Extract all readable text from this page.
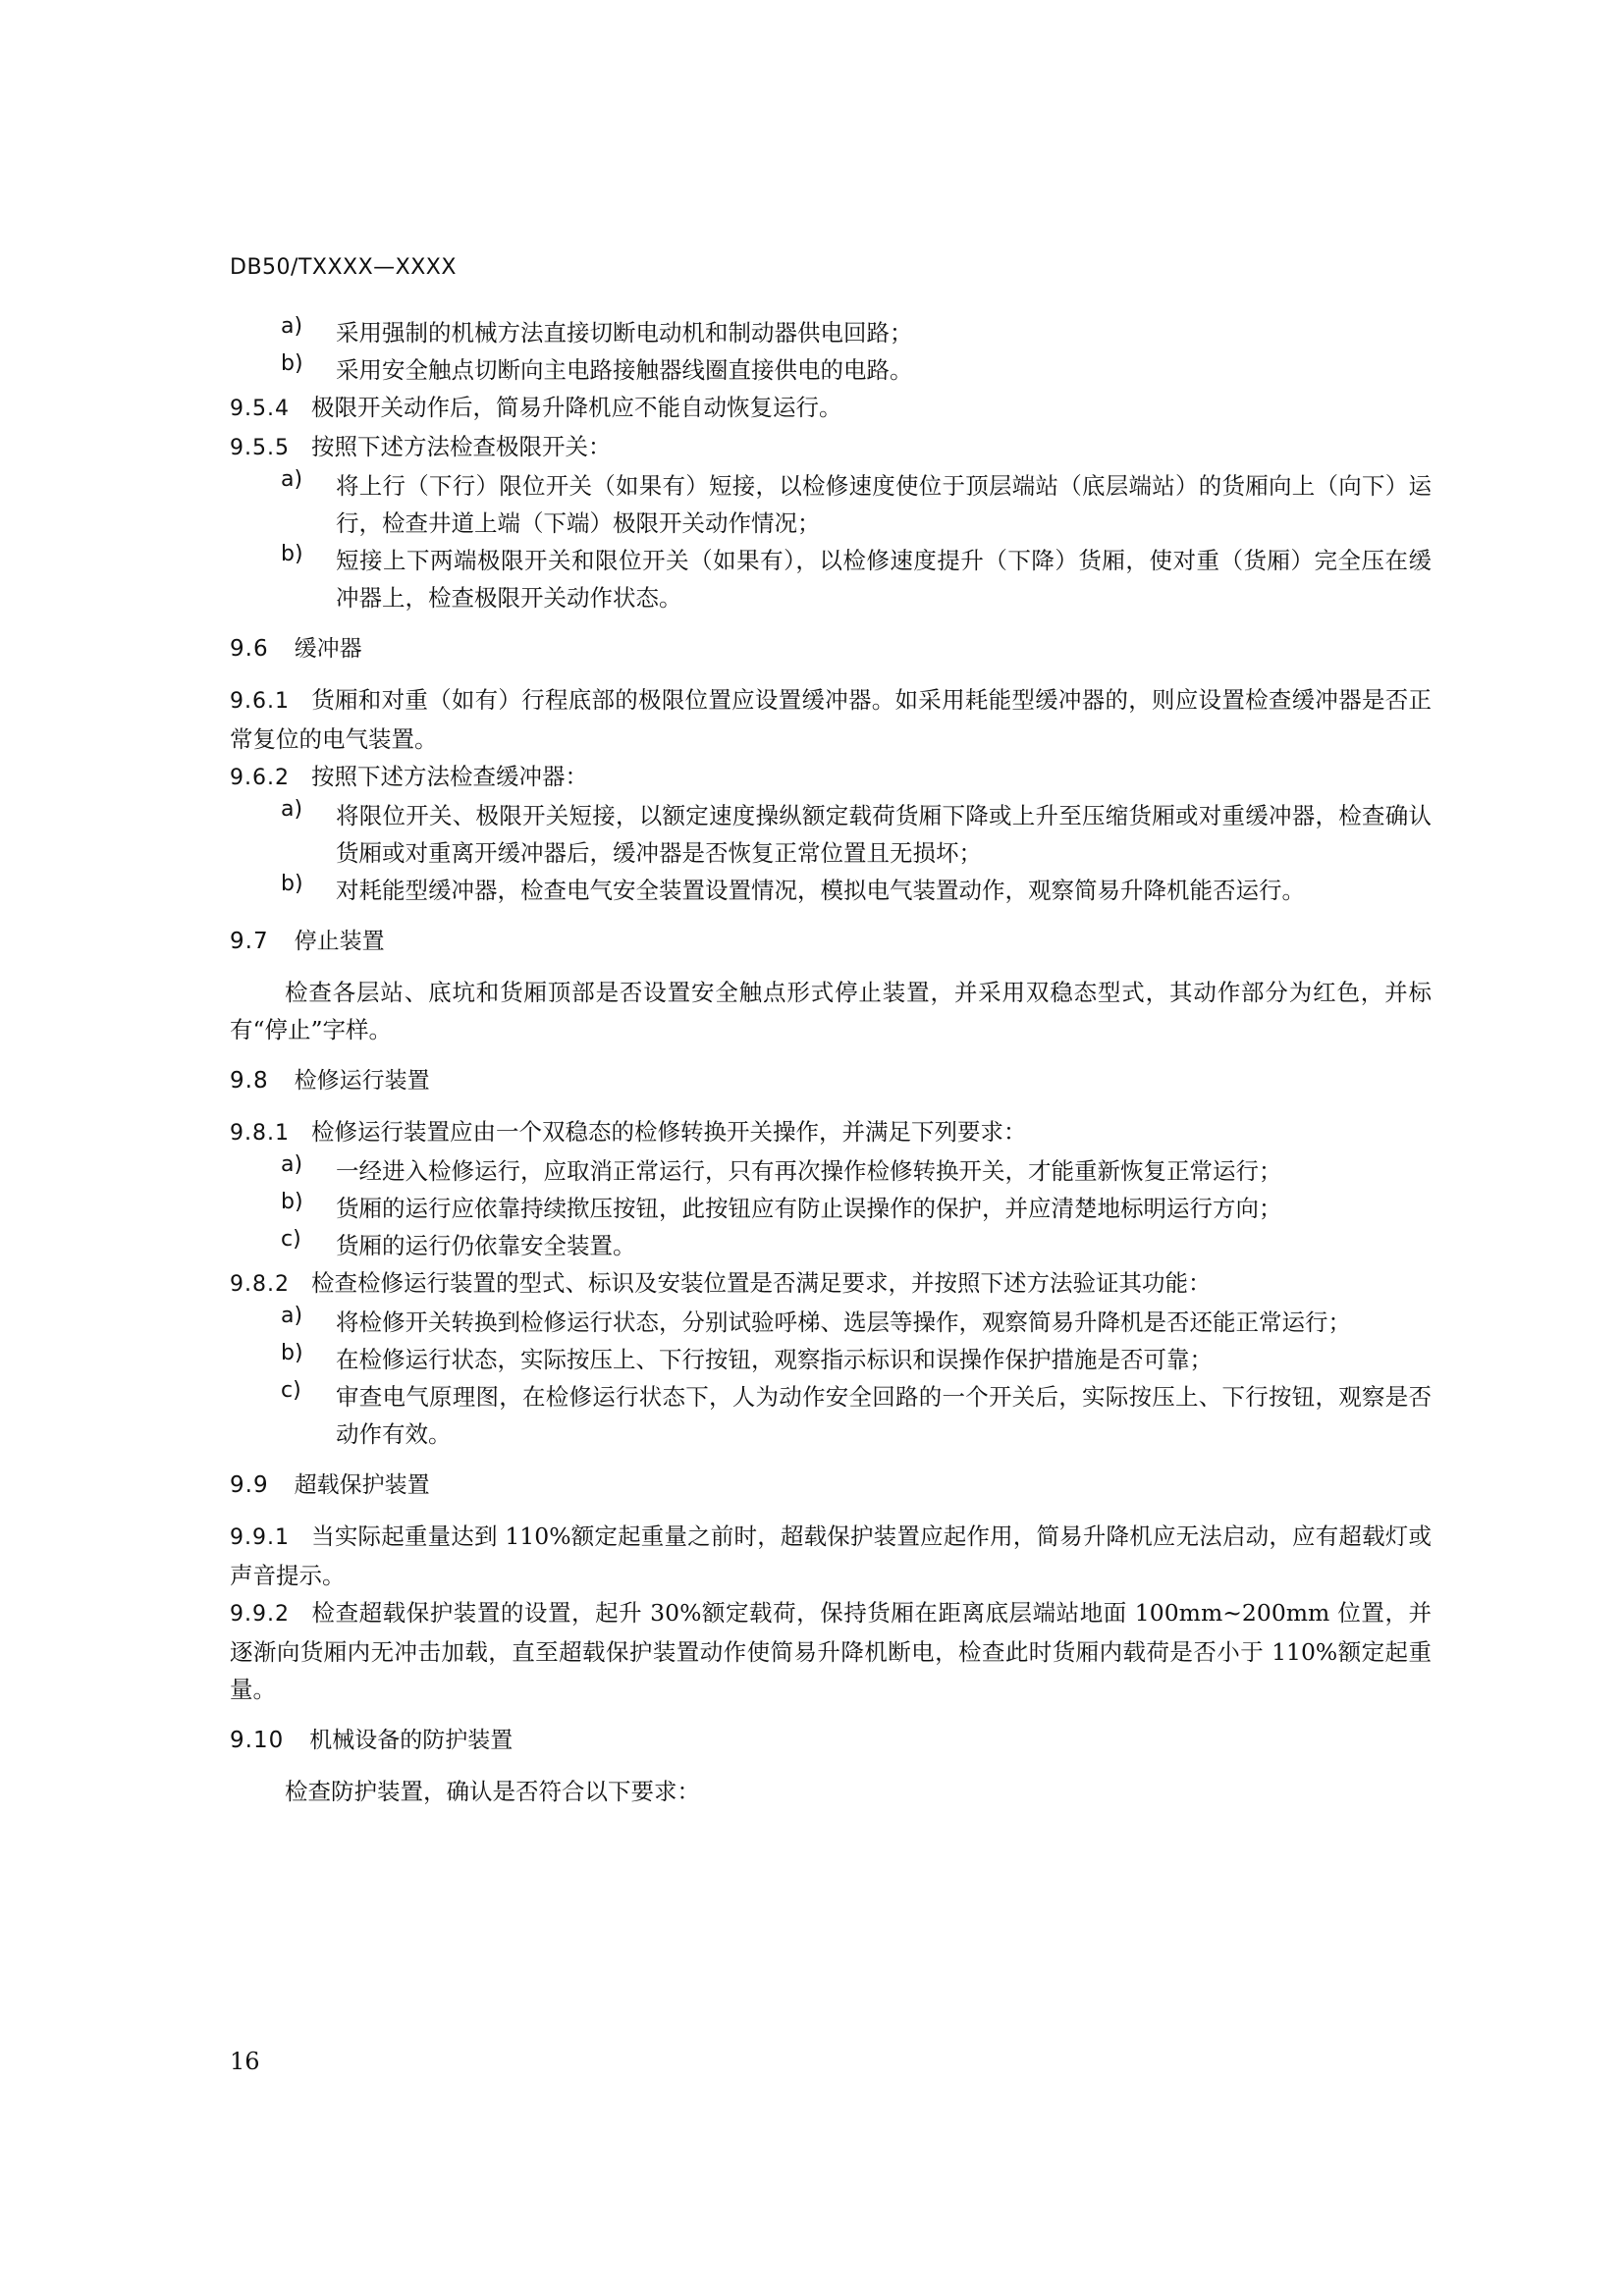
DB50/TXXXX—XXXX
a)	采用强制的机械方法直接切断电动机和制动器供电回路；
b)	采用安全触点切断向主电路接触器线圈直接供电的电路。
9.5.4 极限开关动作后，简易升降机应不能自动恢复运行。
9.5.5 按照下述方法检查极限开关：
a)	将上行（下行）限位开关（如果有）短接，以检修速度使位于顶层端站（底层端站）的货厢向上（向下）运行，检查井道上端（下端）极限开关动作情况；
b)	短接上下两端极限开关和限位开关（如果有），以检修速度提升（下降）货厢，使对重（货厢）完全压在缓冲器上，检查极限开关动作状态。
9.6 缓冲器
9.6.1 货厢和对重（如有）行程底部的极限位置应设置缓冲器。如采用耗能型缓冲器的，则应设置检查缓冲器是否正常复位的电气装置。
9.6.2 按照下述方法检查缓冲器：
a)	将限位开关、极限开关短接，以额定速度操纵额定载荷货厢下降或上升至压缩货厢或对重缓冲器，检查确认货厢或对重离开缓冲器后，缓冲器是否恢复正常位置且无损坏；
b)	对耗能型缓冲器，检查电气安全装置设置情况，模拟电气装置动作，观察简易升降机能否运行。
9.7 停止装置
检查各层站、底坑和货厢顶部是否设置安全触点形式停止装置，并采用双稳态型式，其动作部分为红色，并标有“停止”字样。
9.8 检修运行装置
9.8.1 检修运行装置应由一个双稳态的检修转换开关操作，并满足下列要求：
a)	一经进入检修运行，应取消正常运行，只有再次操作检修转换开关，才能重新恢复正常运行；
b)	货厢的运行应依靠持续揿压按钮，此按钮应有防止误操作的保护，并应清楚地标明运行方向；
c)	货厢的运行仍依靠安全装置。
9.8.2 检查检修运行装置的型式、标识及安装位置是否满足要求，并按照下述方法验证其功能：
a)	将检修开关转换到检修运行状态，分别试验呼梯、选层等操作，观察简易升降机是否还能正常运行；
b)	在检修运行状态，实际按压上、下行按钮，观察指示标识和误操作保护措施是否可靠；
c)	审查电气原理图，在检修运行状态下，人为动作安全回路的一个开关后，实际按压上、下行按钮，观察是否动作有效。
9.9 超载保护装置
9.9.1 当实际起重量达到 110%额定起重量之前时，超载保护装置应起作用，简易升降机应无法启动，应有超载灯或声音提示。
9.9.2 检查超载保护装置的设置，起升 30%额定载荷，保持货厢在距离底层端站地面 100mm~200mm 位置，并逐渐向货厢内无冲击加载，直至超载保护装置动作使简易升降机断电，检查此时货厢内载荷是否小于 110%额定起重量。
9.10 机械设备的防护装置
检查防护装置，确认是否符合以下要求：
16
